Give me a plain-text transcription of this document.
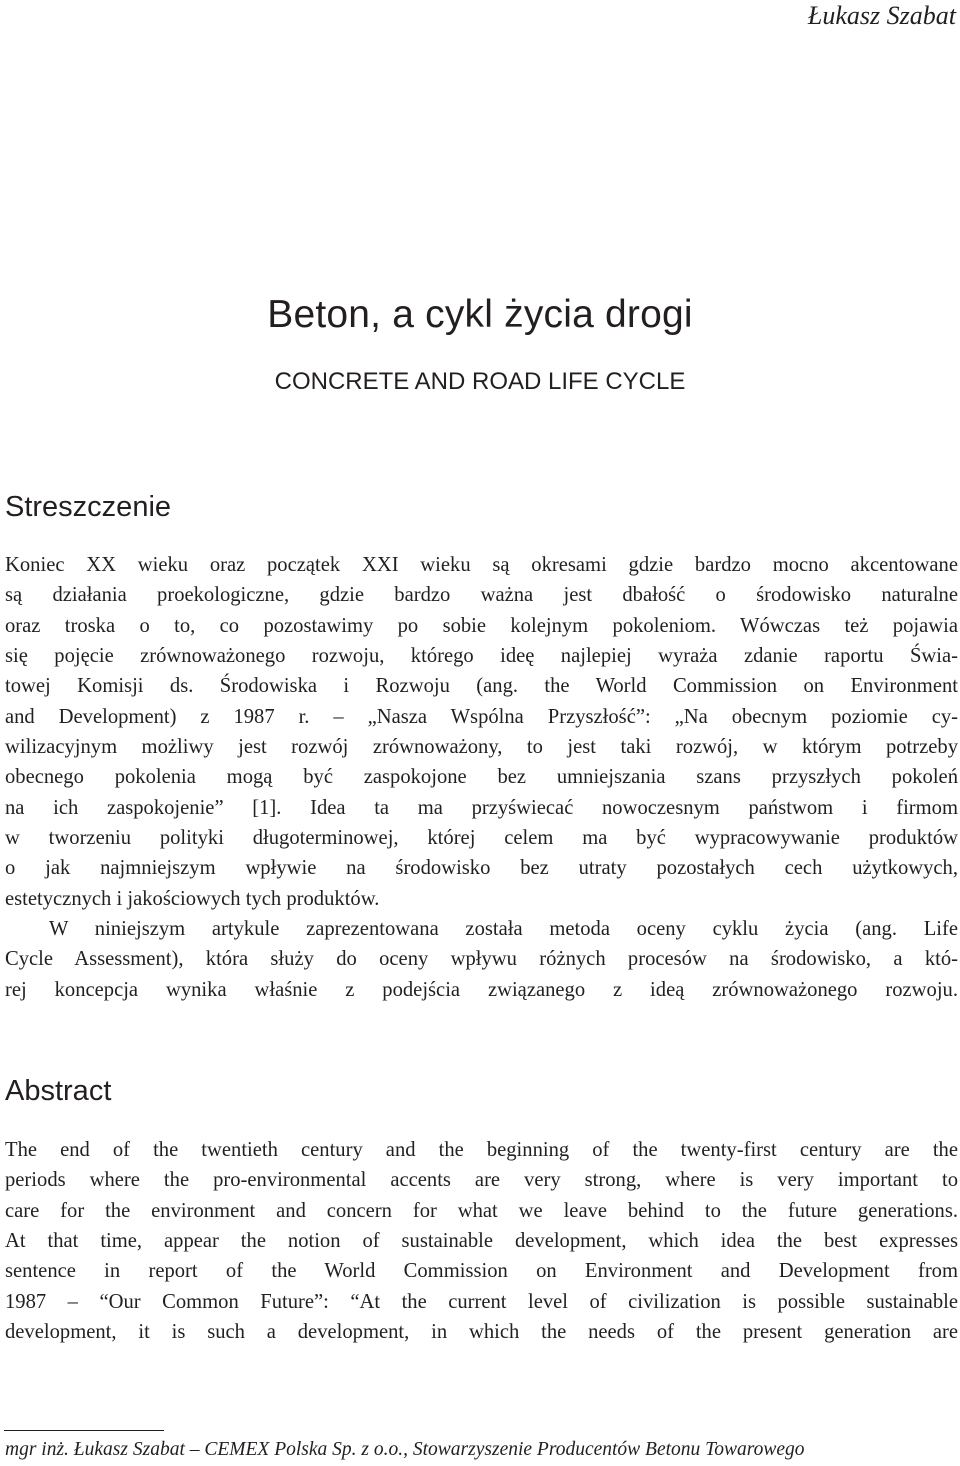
Łukasz Szabat
Beton, a cykl życia drogi
CONCRETE AND ROAD LIFE CYCLE
Streszczenie
Koniec XX wieku oraz początek XXI wieku są okresami gdzie bardzo mocno akcentowane
są działania proekologiczne, gdzie bardzo ważna jest dbałość o środowisko naturalne
oraz troska o to, co pozostawimy po sobie kolejnym pokoleniom. Wówczas też pojawia
się pojęcie zrównoważonego rozwoju, którego ideę najlepiej wyraża zdanie raportu Świa-
towej Komisji ds. Środowiska i Rozwoju (ang. the World Commission on Environment
and Development) z 1987 r. – „Nasza Wspólna Przyszłość”: „Na obecnym poziomie cy-
wilizacyjnym możliwy jest rozwój zrównoważony, to jest taki rozwój, w którym potrzeby
obecnego pokolenia mogą być zaspokojone bez umniejszania szans przyszłych pokoleń
na ich zaspokojenie” [1]. Idea ta ma przyświecać nowoczesnym państwom i firmom
w tworzeniu polityki długoterminowej, której celem ma być wypracowywanie produktów
o jak najmniejszym wpływie na środowisko bez utraty pozostałych cech użytkowych,
estetycznych i jakościowych tych produktów.
W niniejszym artykule zaprezentowana została metoda oceny cyklu życia (ang. Life
Cycle Assessment), która służy do oceny wpływu różnych procesów na środowisko, a któ-
rej koncepcja wynika właśnie z podejścia związanego z ideą zrównoważonego rozwoju.
Abstract
The end of the twentieth century and the beginning of the twenty-first century are the
periods where the pro-environmental accents are very strong, where is very important to
care for the environment and concern for what we leave behind to the future generations.
At that time, appear the notion of sustainable development, which idea the best expresses
sentence in report of the World Commission on Environment and Development from
1987 – “Our Common Future”: “At the current level of civilization is possible sustainable
development, it is such a development, in which the needs of the present generation are
mgr inż. Łukasz Szabat – CEMEX Polska Sp. z o.o., Stowarzyszenie Producentów Betonu Towarowego
